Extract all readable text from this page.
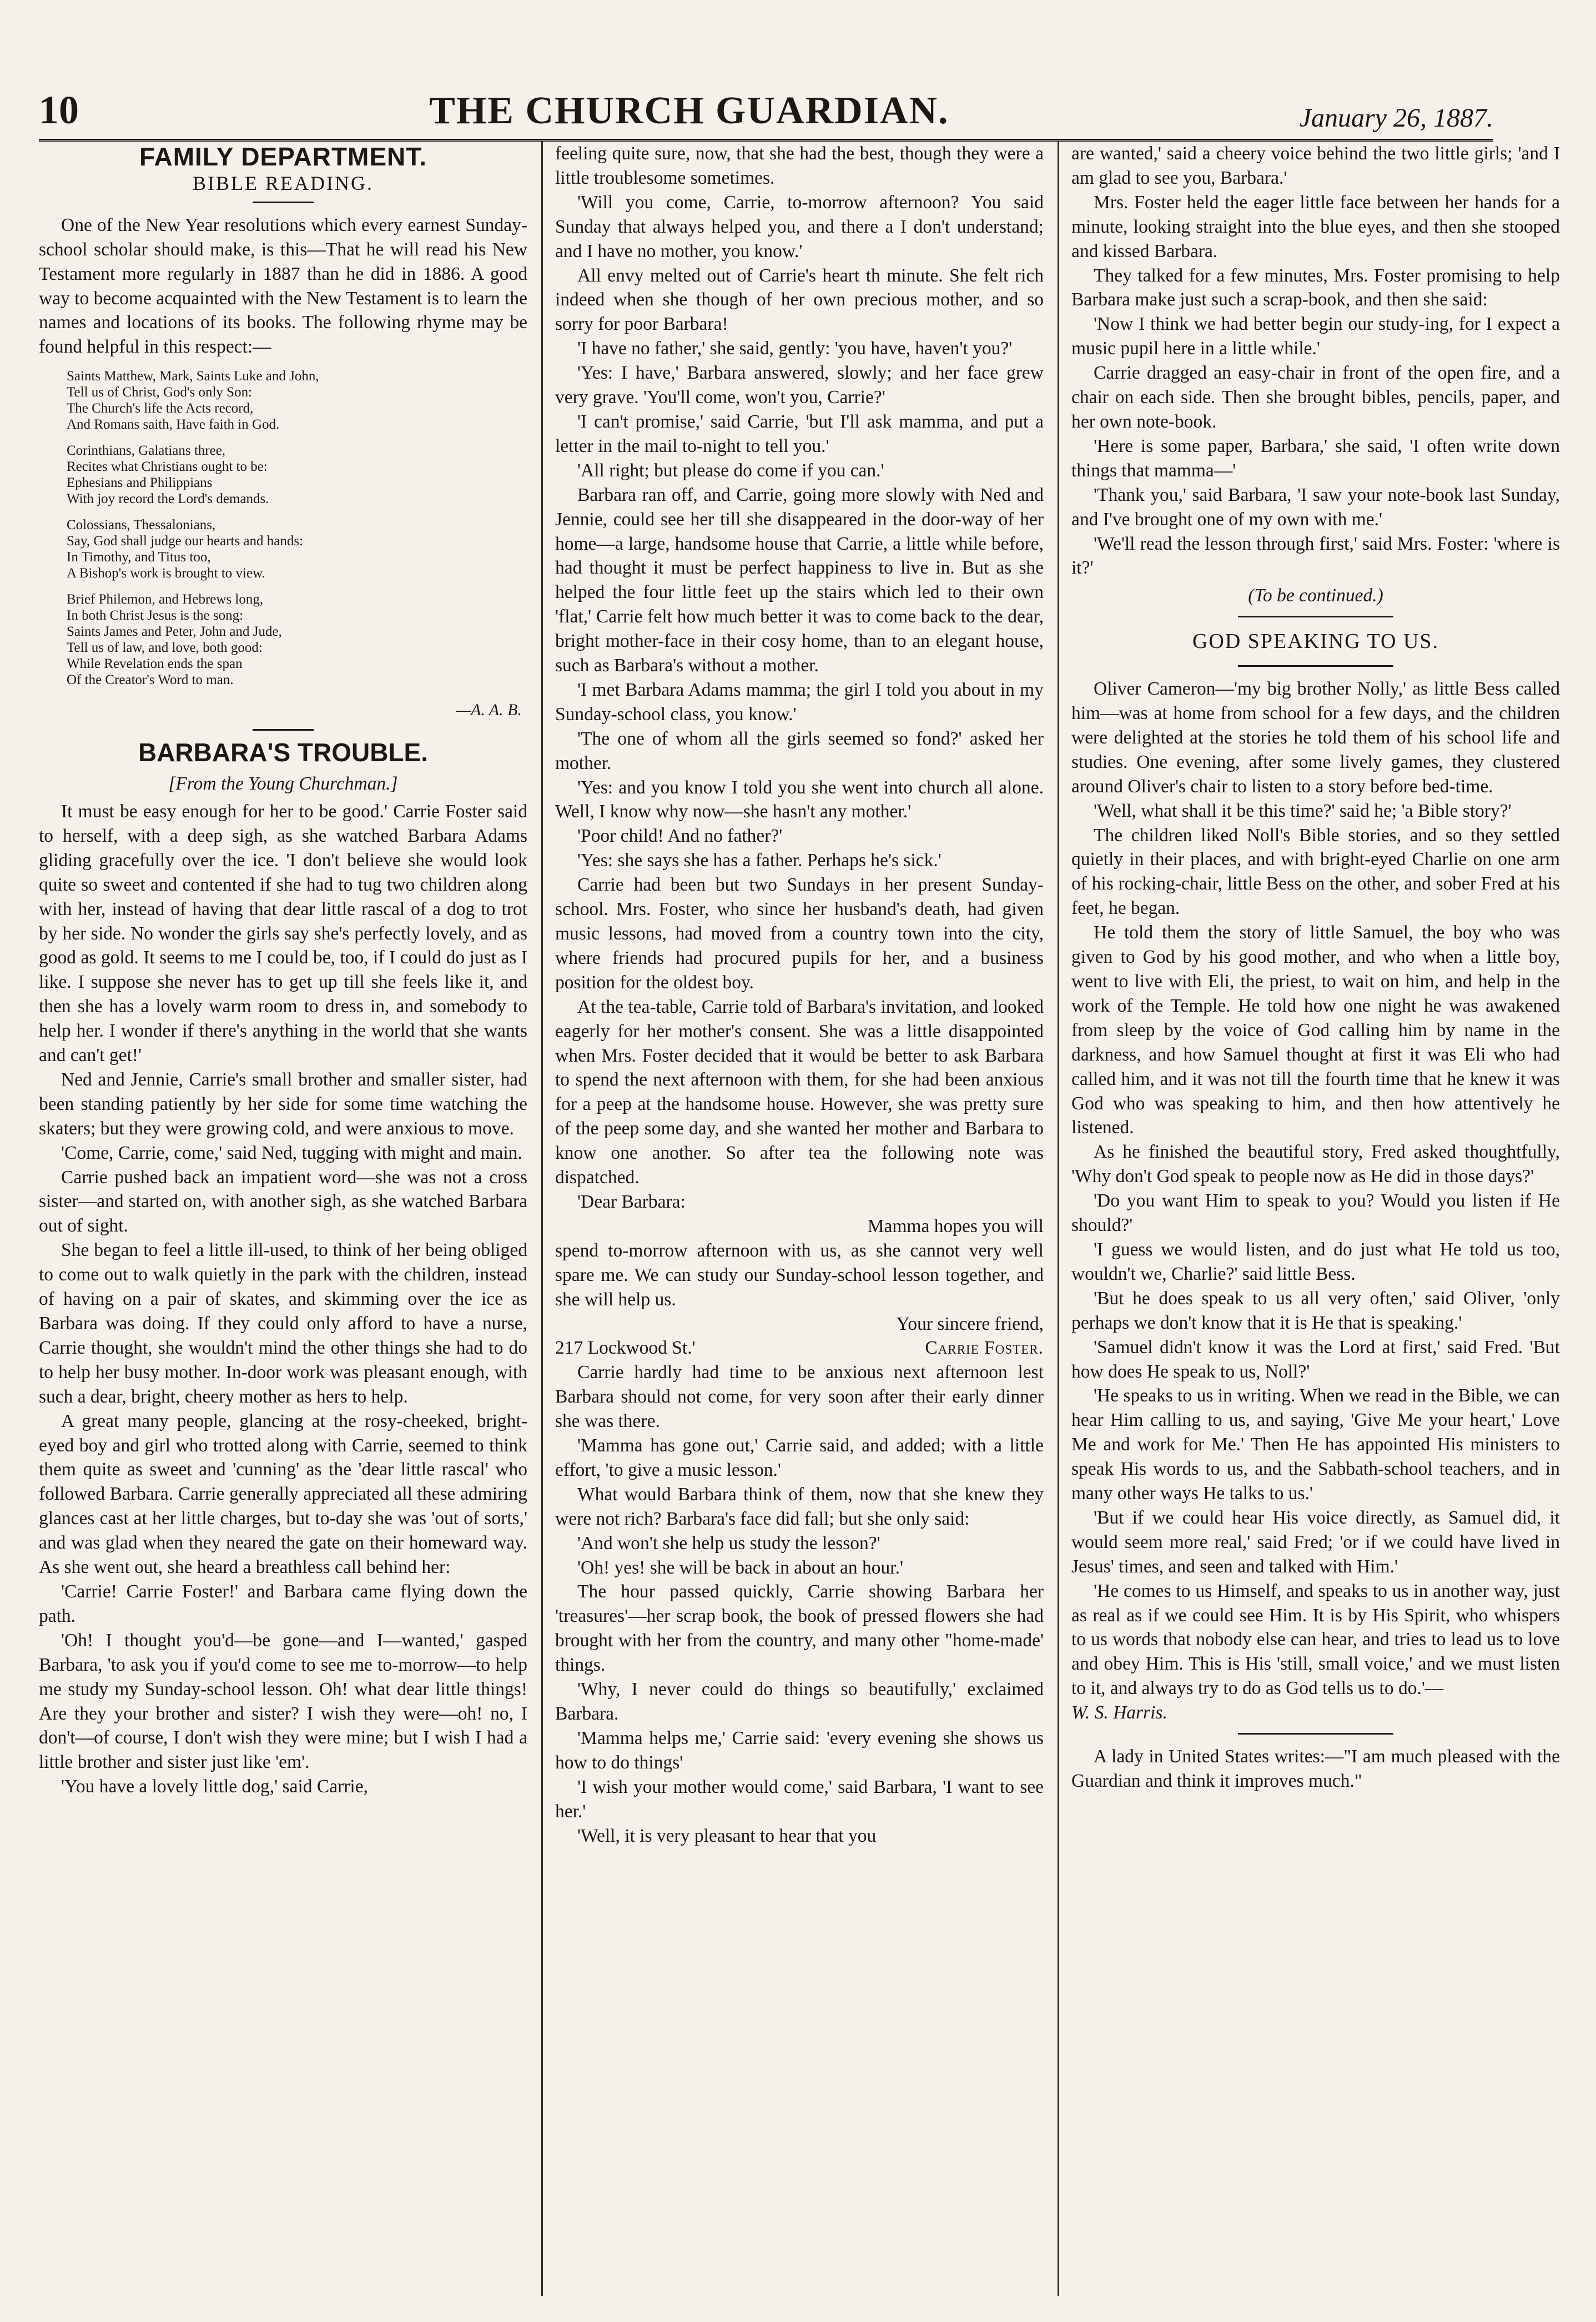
10	THE CHURCH GUARDIAN.	January 26, 1887.
FAMILY DEPARTMENT.
BIBLE READING.

One of the New Year resolutions which every earnest Sunday-school scholar should make, is this—That he will read his New Testament more regularly in 1887 than he did in 1886. A good way to become acquainted with the New Testament is to learn the names and locations of its books. The following rhyme may be found helpful in this respect:—

Saints Matthew, Mark, Saints Luke and John,
Tell us of Christ, God's only Son:
The Church's life the Acts record,
And Romans saith, Have faith in God.
Corinthians, Galatians three,
Recites what Christians ought to be:
Ephesians and Philippians
With joy record the Lord's demands.
Colossians, Thessalonians,
Say, God shall judge our hearts and hands:
In Timothy, and Titus too,
A Bishop's work is brought to view.
Brief Philemon, and Hebrews long,
In both Christ Jesus is the song:
Saints James and Peter, John and Jude,
Tell us of law, and love, both good:
While Revelation ends the span
Of the Creator's Word to man.
—A. A. B.
BARBARA'S TROUBLE.
[From the Young Churchman.]

It must be easy enough for her to be good.' Carrie Foster said to herself, with a deep sigh, as she watched Barbara Adams gliding gracefully over the ice. 'I don't believe she would look quite so sweet and contented if she had to tug two children along with her, instead of having that dear little rascal of a dog to trot by her side. No wonder the girls say she's perfectly lovely, and as good as gold. It seems to me I could be, too, if I could do just as I like. I suppose she never has to get up till she feels like it, and then she has a lovely warm room to dress in, and somebody to help her. I wonder if there's anything in the world that she wants and can't get!'

Ned and Jennie, Carrie's small brother and smaller sister, had been standing patiently by her side for some time watching the skaters; but they were growing cold, and were anxious to move.

'Come, Carrie, come,' said Ned, tugging with might and main.

Carrie pushed back an impatient word—she was not a cross sister—and started on, with another sigh, as she watched Barbara out of sight.

She began to feel a little ill-used, to think of her being obliged to come out to walk quietly in the park with the children, instead of having on a pair of skates, and skimming over the ice as Barbara was doing. If they could only afford to have a nurse, Carrie thought, she wouldn't mind the other things she had to do to help her busy mother. In-door work was pleasant enough, with such a dear, bright, cheery mother as hers to help.

A great many people, glancing at the rosy-cheeked, bright-eyed boy and girl who trotted along with Carrie, seemed to think them quite as sweet and 'cunning' as the 'dear little rascal' who followed Barbara. Carrie generally appreciated all these admiring glances cast at her little charges, but to-day she was 'out of sorts,' and was glad when they neared the gate on their homeward way. As she went out, she heard a breathless call behind her:

'Carrie! Carrie Foster!' and Barbara came flying down the path.

'Oh! I thought you'd—be gone—and I—wanted,' gasped Barbara, 'to ask you if you'd come to see me to-morrow—to help me study my Sunday-school lesson. Oh! what dear little things! Are they your brother and sister? I wish they were—oh! no, I don't—of course, I don't wish they were mine; but I wish I had a little brother and sister just like 'em'.

'You have a lovely little dog,' said Carrie,

feeling quite sure, now, that she had the best, though they were a little troublesome sometimes.

'Will you come, Carrie, to-morrow afternoon? You said Sunday that always helped you, and there a I don't understand; and I have no mother, you know.'

All envy melted out of Carrie's heart th minute. She felt rich indeed when she though of her own precious mother, and so sorry for poor Barbara!

'I have no father,' she said, gently: 'you have, haven't you?'

'Yes: I have,' Barbara answered, slowly; and her face grew very grave. 'You'll come, won't you, Carrie?'

'I can't promise,' said Carrie, 'but I'll ask mamma, and put a letter in the mail to-night to tell you.'

'All right; but please do come if you can.'

Barbara ran off, and Carrie, going more slowly with Ned and Jennie, could see her till she disappeared in the door-way of her home—a large, handsome house that Carrie, a little while before, had thought it must be perfect happiness to live in. But as she helped the four little feet up the stairs which led to their own 'flat,' Carrie felt how much better it was to come back to the dear, bright mother-face in their cosy home, than to an elegant house, such as Barbara's without a mother.

'I met Barbara Adams mamma; the girl I told you about in my Sunday-school class, you know.'

'The one of whom all the girls seemed so fond?' asked her mother.

'Yes: and you know I told you she went into church all alone. Well, I know why now—she hasn't any mother.'

'Poor child! And no father?'

'Yes: she says she has a father. Perhaps he's sick.'

Carrie had been but two Sundays in her present Sunday-school. Mrs. Foster, who since her husband's death, had given music lessons, had moved from a country town into the city, where friends had procured pupils for her, and a business position for the oldest boy.

At the tea-table, Carrie told of Barbara's invitation, and looked eagerly for her mother's consent. She was a little disappointed when Mrs. Foster decided that it would be better to ask Barbara to spend the next afternoon with them, for she had been anxious for a peep at the handsome house. However, she was pretty sure of the peep some day, and she wanted her mother and Barbara to know one another. So after tea the following note was dispatched.

'Dear Barbara:

Mamma hopes you will

spend to-morrow afternoon with us, as she cannot very well spare me. We can study our Sunday-school lesson together, and she will help us.

Your sincere friend,

217 Lockwood St.'	Carrie Foster.

Carrie hardly had time to be anxious next afternoon lest Barbara should not come, for very soon after their early dinner she was there.

'Mamma has gone out,' Carrie said, and added; with a little effort, 'to give a music lesson.'

What would Barbara think of them, now that she knew they were not rich? Barbara's face did fall; but she only said:

'And won't she help us study the lesson?'

'Oh! yes! she will be back in about an hour.'

The hour passed quickly, Carrie showing Barbara her 'treasures'—her scrap book, the book of pressed flowers she had brought with her from the country, and many other "home-made' things.

'Why, I never could do things so beautifully,' exclaimed Barbara.

'Mamma helps me,' Carrie said: 'every evening she shows us how to do things'

'I wish your mother would come,' said Barbara, 'I want to see her.'

'Well, it is very pleasant to hear that you

are wanted,' said a cheery voice behind the two little girls; 'and I am glad to see you, Barbara.'

Mrs. Foster held the eager little face between her hands for a minute, looking straight into the blue eyes, and then she stooped and kissed Barbara.

They talked for a few minutes, Mrs. Foster promising to help Barbara make just such a scrap-book, and then she said:

'Now I think we had better begin our study-ing, for I expect a music pupil here in a little while.'

Carrie dragged an easy-chair in front of the open fire, and a chair on each side. Then she brought bibles, pencils, paper, and her own note-book.

'Here is some paper, Barbara,' she said, 'I often write down things that mamma—'

'Thank you,' said Barbara, 'I saw your note-book last Sunday, and I've brought one of my own with me.'

'We'll read the lesson through first,' said Mrs. Foster: 'where is it?'

(To be continued.)
GOD SPEAKING TO US.

Oliver Cameron—'my big brother Nolly,' as little Bess called him—was at home from school for a few days, and the children were delighted at the stories he told them of his school life and studies. One evening, after some lively games, they clustered around Oliver's chair to listen to a story before bed-time.

'Well, what shall it be this time?' said he; 'a Bible story?'

The children liked Noll's Bible stories, and so they settled quietly in their places, and with bright-eyed Charlie on one arm of his rocking-chair, little Bess on the other, and sober Fred at his feet, he began.

He told them the story of little Samuel, the boy who was given to God by his good mother, and who when a little boy, went to live with Eli, the priest, to wait on him, and help in the work of the Temple. He told how one night he was awakened from sleep by the voice of God calling him by name in the darkness, and how Samuel thought at first it was Eli who had called him, and it was not till the fourth time that he knew it was God who was speaking to him, and then how attentively he listened.

As he finished the beautiful story, Fred asked thoughtfully, 'Why don't God speak to people now as He did in those days?'

'Do you want Him to speak to you? Would you listen if He should?'

'I guess we would listen, and do just what He told us too, wouldn't we, Charlie?' said little Bess.

'But he does speak to us all very often,' said Oliver, 'only perhaps we don't know that it is He that is speaking.'

'Samuel didn't know it was the Lord at first,' said Fred. 'But how does He speak to us, Noll?'

'He speaks to us in writing. When we read in the Bible, we can hear Him calling to us, and saying, 'Give Me your heart,' Love Me and work for Me.' Then He has appointed His ministers to speak His words to us, and the Sabbath-school teachers, and in many other ways He talks to us.'

'But if we could hear His voice directly, as Samuel did, it would seem more real,' said Fred; 'or if we could have lived in Jesus' times, and seen and talked with Him.'

'He comes to us Himself, and speaks to us in another way, just as real as if we could see Him. It is by His Spirit, who whispers to us words that nobody else can hear, and tries to lead us to love and obey Him. This is His 'still, small voice,' and we must listen to it, and always try to do as God tells us to do.'—

W. S. Harris.

A lady in United States writes:—"I am much pleased with the Guardian and think it improves much."
